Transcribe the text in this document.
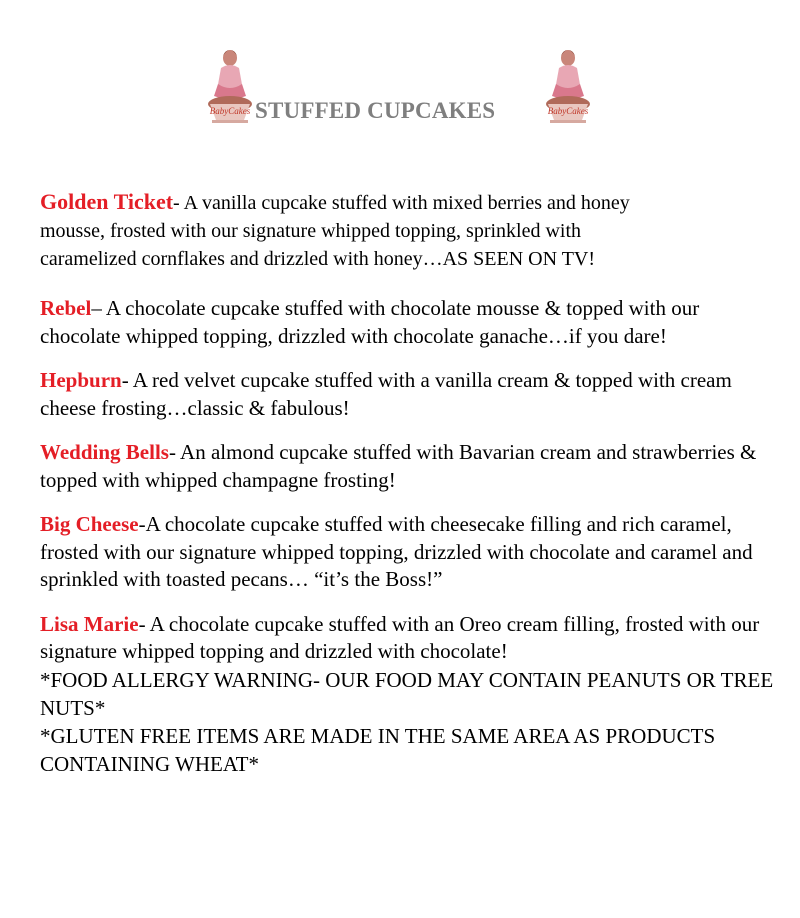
BabyCakes	BabyCakes
STUFFED CUPCAKES

Golden Ticket- A vanilla cupcake stuffed with mixed berries and honey mousse, frosted with our signature whipped topping, sprinkled with caramelized cornflakes and drizzled with honey…AS SEEN ON TV!

Rebel– A chocolate cupcake stuffed with chocolate mousse & topped with our chocolate whipped topping, drizzled with chocolate ganache…if you dare!

Hepburn- A red velvet cupcake stuffed with a vanilla cream & topped with cream cheese frosting…classic & fabulous!

Wedding Bells- An almond cupcake stuffed with Bavarian cream and strawberries & topped with whipped champagne frosting!

Big Cheese-A chocolate cupcake stuffed with cheesecake filling and rich caramel, frosted with our signature whipped topping, drizzled with chocolate and caramel and sprinkled with toasted pecans… “it’s the Boss!”

Lisa Marie- A chocolate cupcake stuffed with an Oreo cream filling, frosted with our signature whipped topping and drizzled with chocolate!

*FOOD ALLERGY WARNING- OUR FOOD MAY CONTAIN PEANUTS OR TREE NUTS*

*GLUTEN FREE ITEMS ARE MADE IN THE SAME AREA AS PRODUCTS CONTAINING WHEAT*
